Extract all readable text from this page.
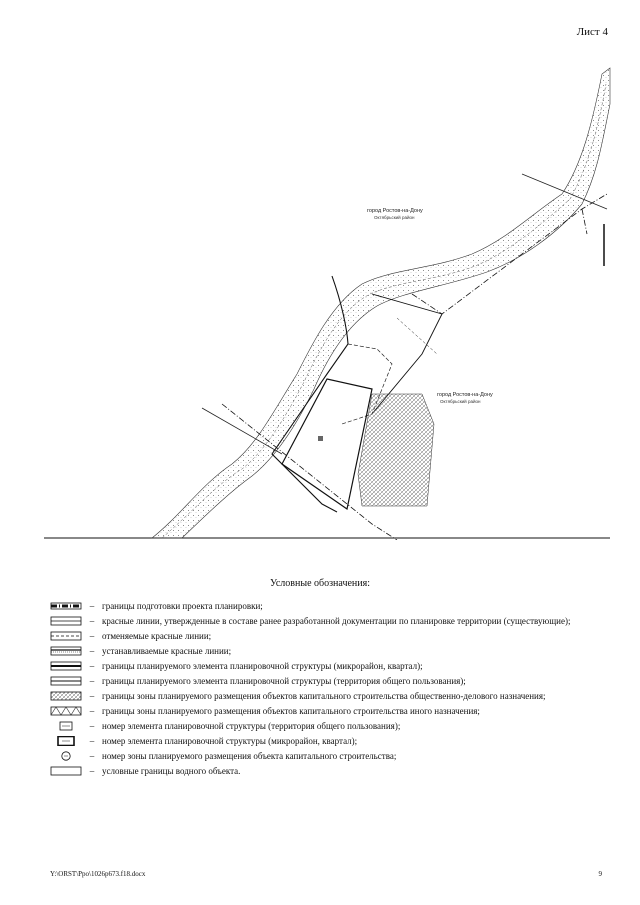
Лист 4
город Ростов-на-Дону
Октябрьский район
город Ростов-на-Дону
Октябрьский район
Условные обозначения:
– границы подготовки проекта планировки;
– красные линии, утвержденные в составе ранее разработанной документации по планировке территории (существующие);
– отменяемые красные линии;
– устанавливаемые красные линии;
– границы планируемого элемента планировочной структуры (микрорайон, квартал);
– границы планируемого элемента планировочной структуры (территория общего пользования);
– границы зоны планируемого размещения объектов капитального строительства общественно-делового назначения;
– границы зоны планируемого размещения объектов капитального строительства иного назначения;
– номер элемента планировочной структуры (территория общего пользования);
– номер элемента планировочной структуры (микрорайон, квартал);
– номер зоны планируемого размещения объекта капитального строительства;
– условные границы водного объекта.
Y:\ORST\Ppo\1026p673.f18.docx	9
